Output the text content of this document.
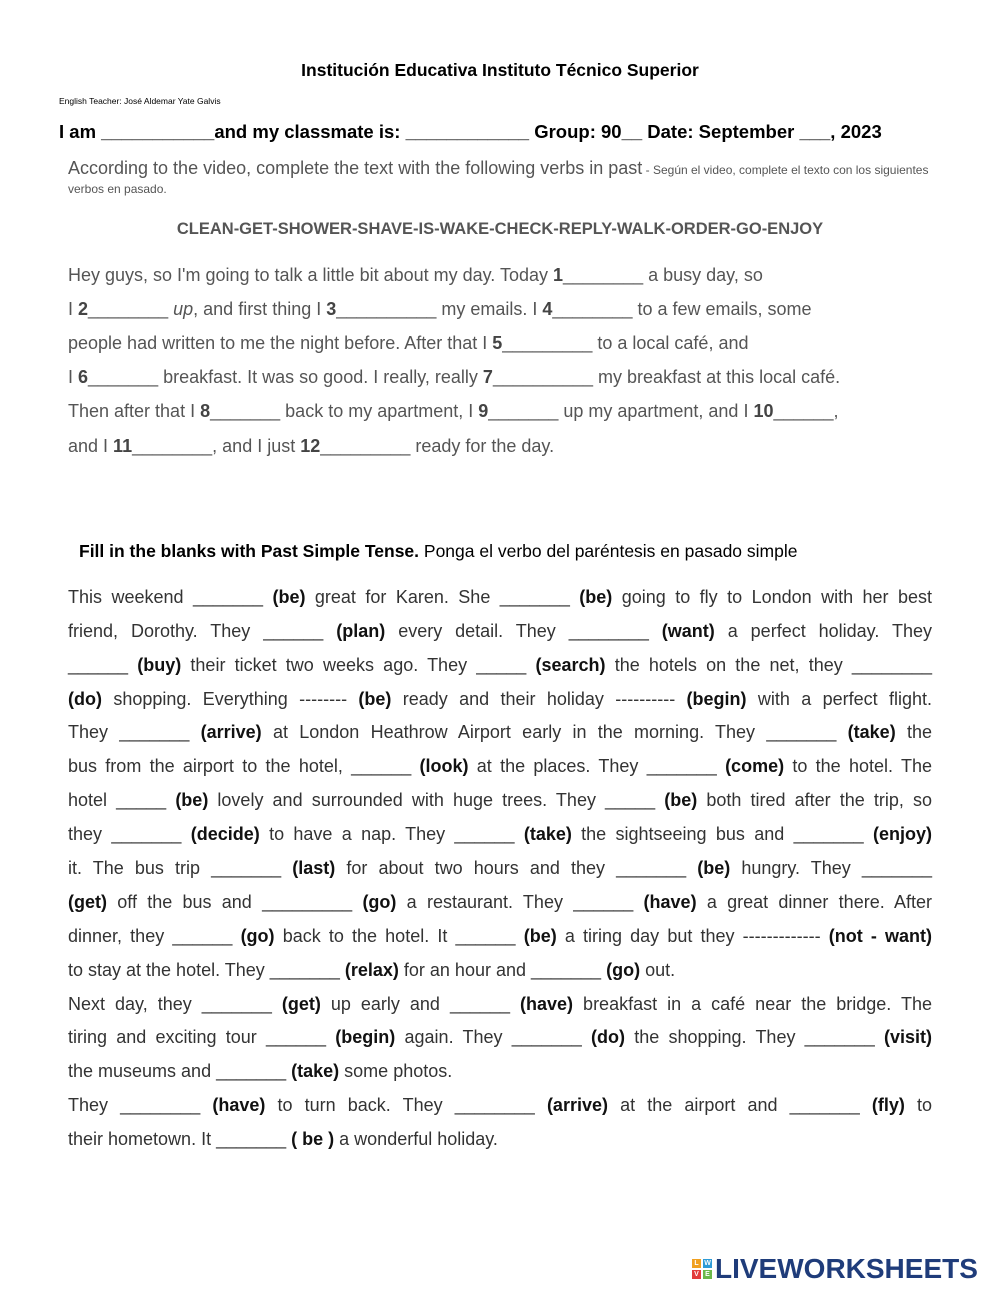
Institución Educativa Instituto Técnico Superior
English Teacher: José Aldemar Yate Galvis
I am ___________and my classmate is: ____________ Group: 90__ Date: September ___, 2023
According to the video, complete the text with the following verbs in past - Según el video, complete el texto con los siguientes verbos en pasado.
CLEAN-GET-SHOWER-SHAVE-IS-WAKE-CHECK-REPLY-WALK-ORDER-GO-ENJOY
Hey guys, so I'm going to talk a little bit about my day. Today 1________ a busy day, so
I 2________ up, and first thing I 3__________ my emails. I 4________ to a few emails, some
people had written to me the night before. After that I 5_________ to a local café, and
I 6_______ breakfast. It was so good. I really, really 7__________ my breakfast at this local café.
Then after that I 8_______ back to my apartment, I 9_______ up my apartment, and I 10______,
and I 11________, and I just 12_________ ready for the day.
Fill in the blanks with Past Simple Tense. Ponga el verbo del paréntesis en pasado simple
This weekend _______ (be) great for Karen. She _______ (be) going to fly to London with her best
friend, Dorothy. They ______ (plan) every detail. They ________ (want) a perfect holiday. They
______ (buy) their ticket two weeks ago. They _____ (search) the hotels on the net, they ________
(do) shopping. Everything -------- (be) ready and their holiday ---------- (begin) with a perfect flight.
They _______ (arrive) at London Heathrow Airport early in the morning. They _______ (take) the
bus from the airport to the hotel, ______ (look) at the places. They _______ (come) to the hotel. The
hotel _____ (be) lovely and surrounded with huge trees. They _____ (be) both tired after the trip, so
they _______ (decide) to have a nap. They ______ (take) the sightseeing bus and _______ (enjoy)
it. The bus trip _______ (last) for about two hours and they _______ (be) hungry. They _______
(get) off the bus and _________ (go) a restaurant. They ______ (have) a great dinner there. After
dinner, they ______ (go) back to the hotel. It ______ (be) a tiring day but they ------------- (not - want)
to stay at the hotel. They _______ (relax) for an hour and _______ (go) out.
Next day, they _______ (get) up early and ______ (have) breakfast in a café near the bridge. The
tiring and exciting tour ______ (begin) again. They _______ (do) the shopping. They _______ (visit)
the museums and _______ (take) some photos.
They ________ (have) to turn back. They ________ (arrive) at the airport and _______ (fly) to
their hometown. It _______ ( be ) a wonderful holiday.
L W
V E LIVEWORKSHEETS
